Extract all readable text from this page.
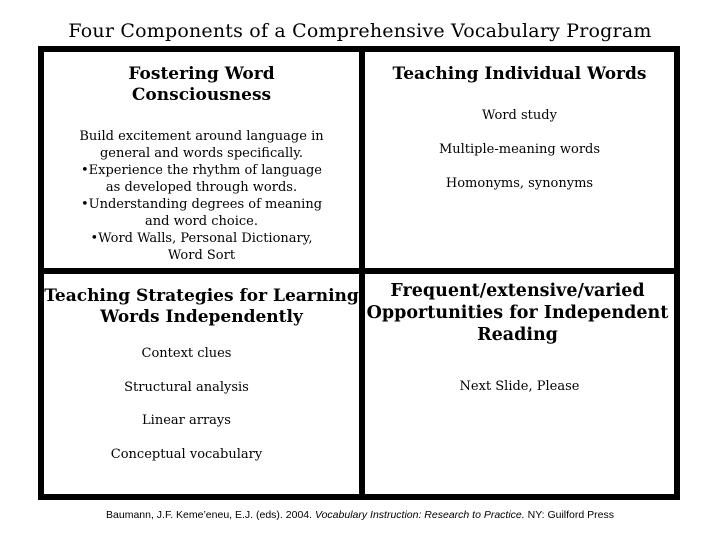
Four Components of a Comprehensive Vocabulary Program
Fostering Word
Consciousness
Build excitement around language in
general and words specifically.
•Experience the rhythm of language
as developed through words.
•Understanding degrees of meaning
and word choice.
•Word Walls, Personal Dictionary,
Word Sort
Teaching Individual Words
Word study
Multiple-meaning words
Homonyms, synonyms
Teaching Strategies for Learning
Words Independently
Context clues
Structural analysis
Linear arrays
Conceptual vocabulary
Frequent/extensive/varied
Opportunities for Independent
Reading
Next Slide, Please
Baumann, J.F. Keme’eneu, E.J. (eds). 2004. Vocabulary Instruction: Research to Practice. NY: Guilford Press
